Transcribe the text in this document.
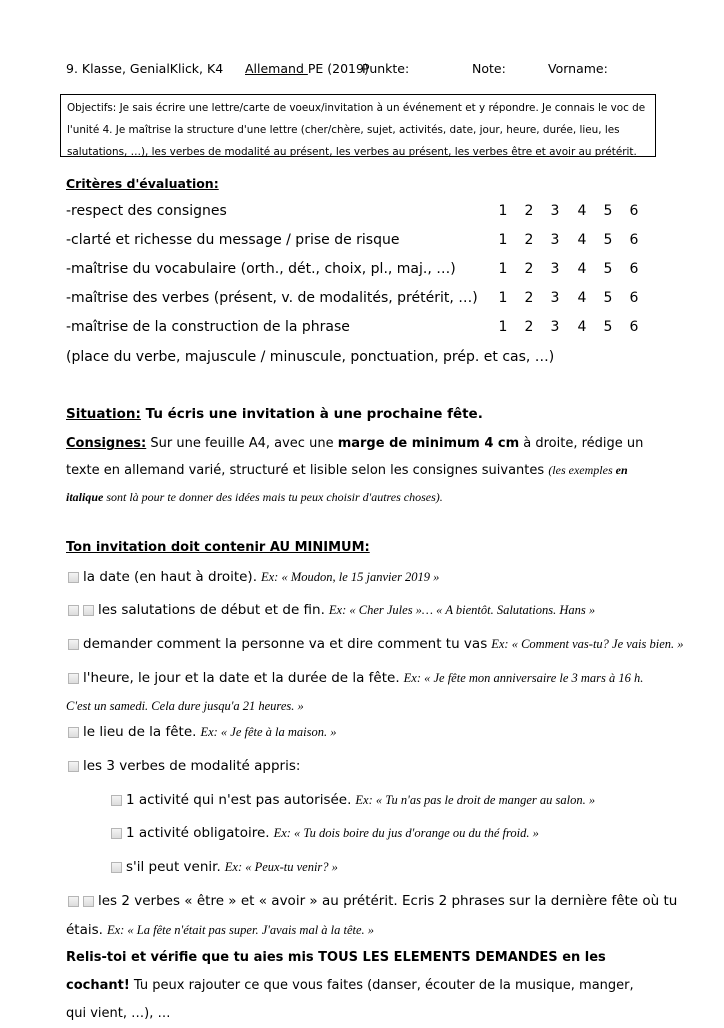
9. Klasse, GenialKlick, K4 Allemand PE (2019)
Punkte:	Note:	Vorname:
Objectifs: Je sais écrire une lettre/carte de voeux/invitation à un événement et y répondre. Je connais le voc de
l'unité 4. Je maîtrise la structure d'une lettre (cher/chère, sujet, activités, date, jour, heure, durée, lieu, les
salutations, …), les verbes de modalité au présent, les verbes au présent, les verbes être et avoir au prétérit.
Critères d'évaluation:
-respect des consignes	1 2 3 4 5 6
-clarté et richesse du message / prise de risque	1 2 3 4 5 6
-maîtrise du vocabulaire (orth., dét., choix, pl., maj., …)	1 2 3 4 5 6
-maîtrise des verbes (présent, v. de modalités, prétérit, …) 1 2 3 4 5 6
-maîtrise de la construction de la phrase	1 2 3 4 5 6
(place du verbe, majuscule / minuscule, ponctuation, prép. et cas, …)
Situation: Tu écris une invitation à une prochaine fête.
Consignes: Sur une feuille A4, avec une marge de minimum 4 cm à droite, rédige un texte en allemand varié, structuré et lisible selon les consignes suivantes (les exemples en italique sont là pour te donner des idées mais tu peux choisir d'autres choses).
Ton invitation doit contenir AU MINIMUM:
la date (en haut à droite). Ex: « Moudon, le 15 janvier 2019 »
les salutations de début et de fin. Ex: « Cher Jules »… « A bientôt. Salutations. Hans »
demander comment la personne va et dire comment tu vas Ex: « Comment vas-tu? Je vais bien. »
l'heure, le jour et la date et la durée de la fête. Ex: « Je fête mon anniversaire le 3 mars à 16 h.
C'est un samedi. Cela dure jusqu'a 21 heures. »
le lieu de la fête. Ex: « Je fête à la maison. »
les 3 verbes de modalité appris:
1 activité qui n'est pas autorisée. Ex: « Tu n'as pas le droit de manger au salon. »
1 activité obligatoire. Ex: « Tu dois boire du jus d'orange ou du thé froid. »
s'il peut venir. Ex: « Peux-tu venir? »
les 2 verbes « être » et « avoir » au prétérit. Ecris 2 phrases sur la dernière fête où tu
étais. Ex: « La fête n'était pas super. J'avais mal à la tête. »
Relis-toi et vérifie que tu aies mis TOUS LES ELEMENTS DEMANDES en les cochant! Tu peux rajouter ce que vous faites (danser, écouter de la musique, manger, qui vient, …), …
